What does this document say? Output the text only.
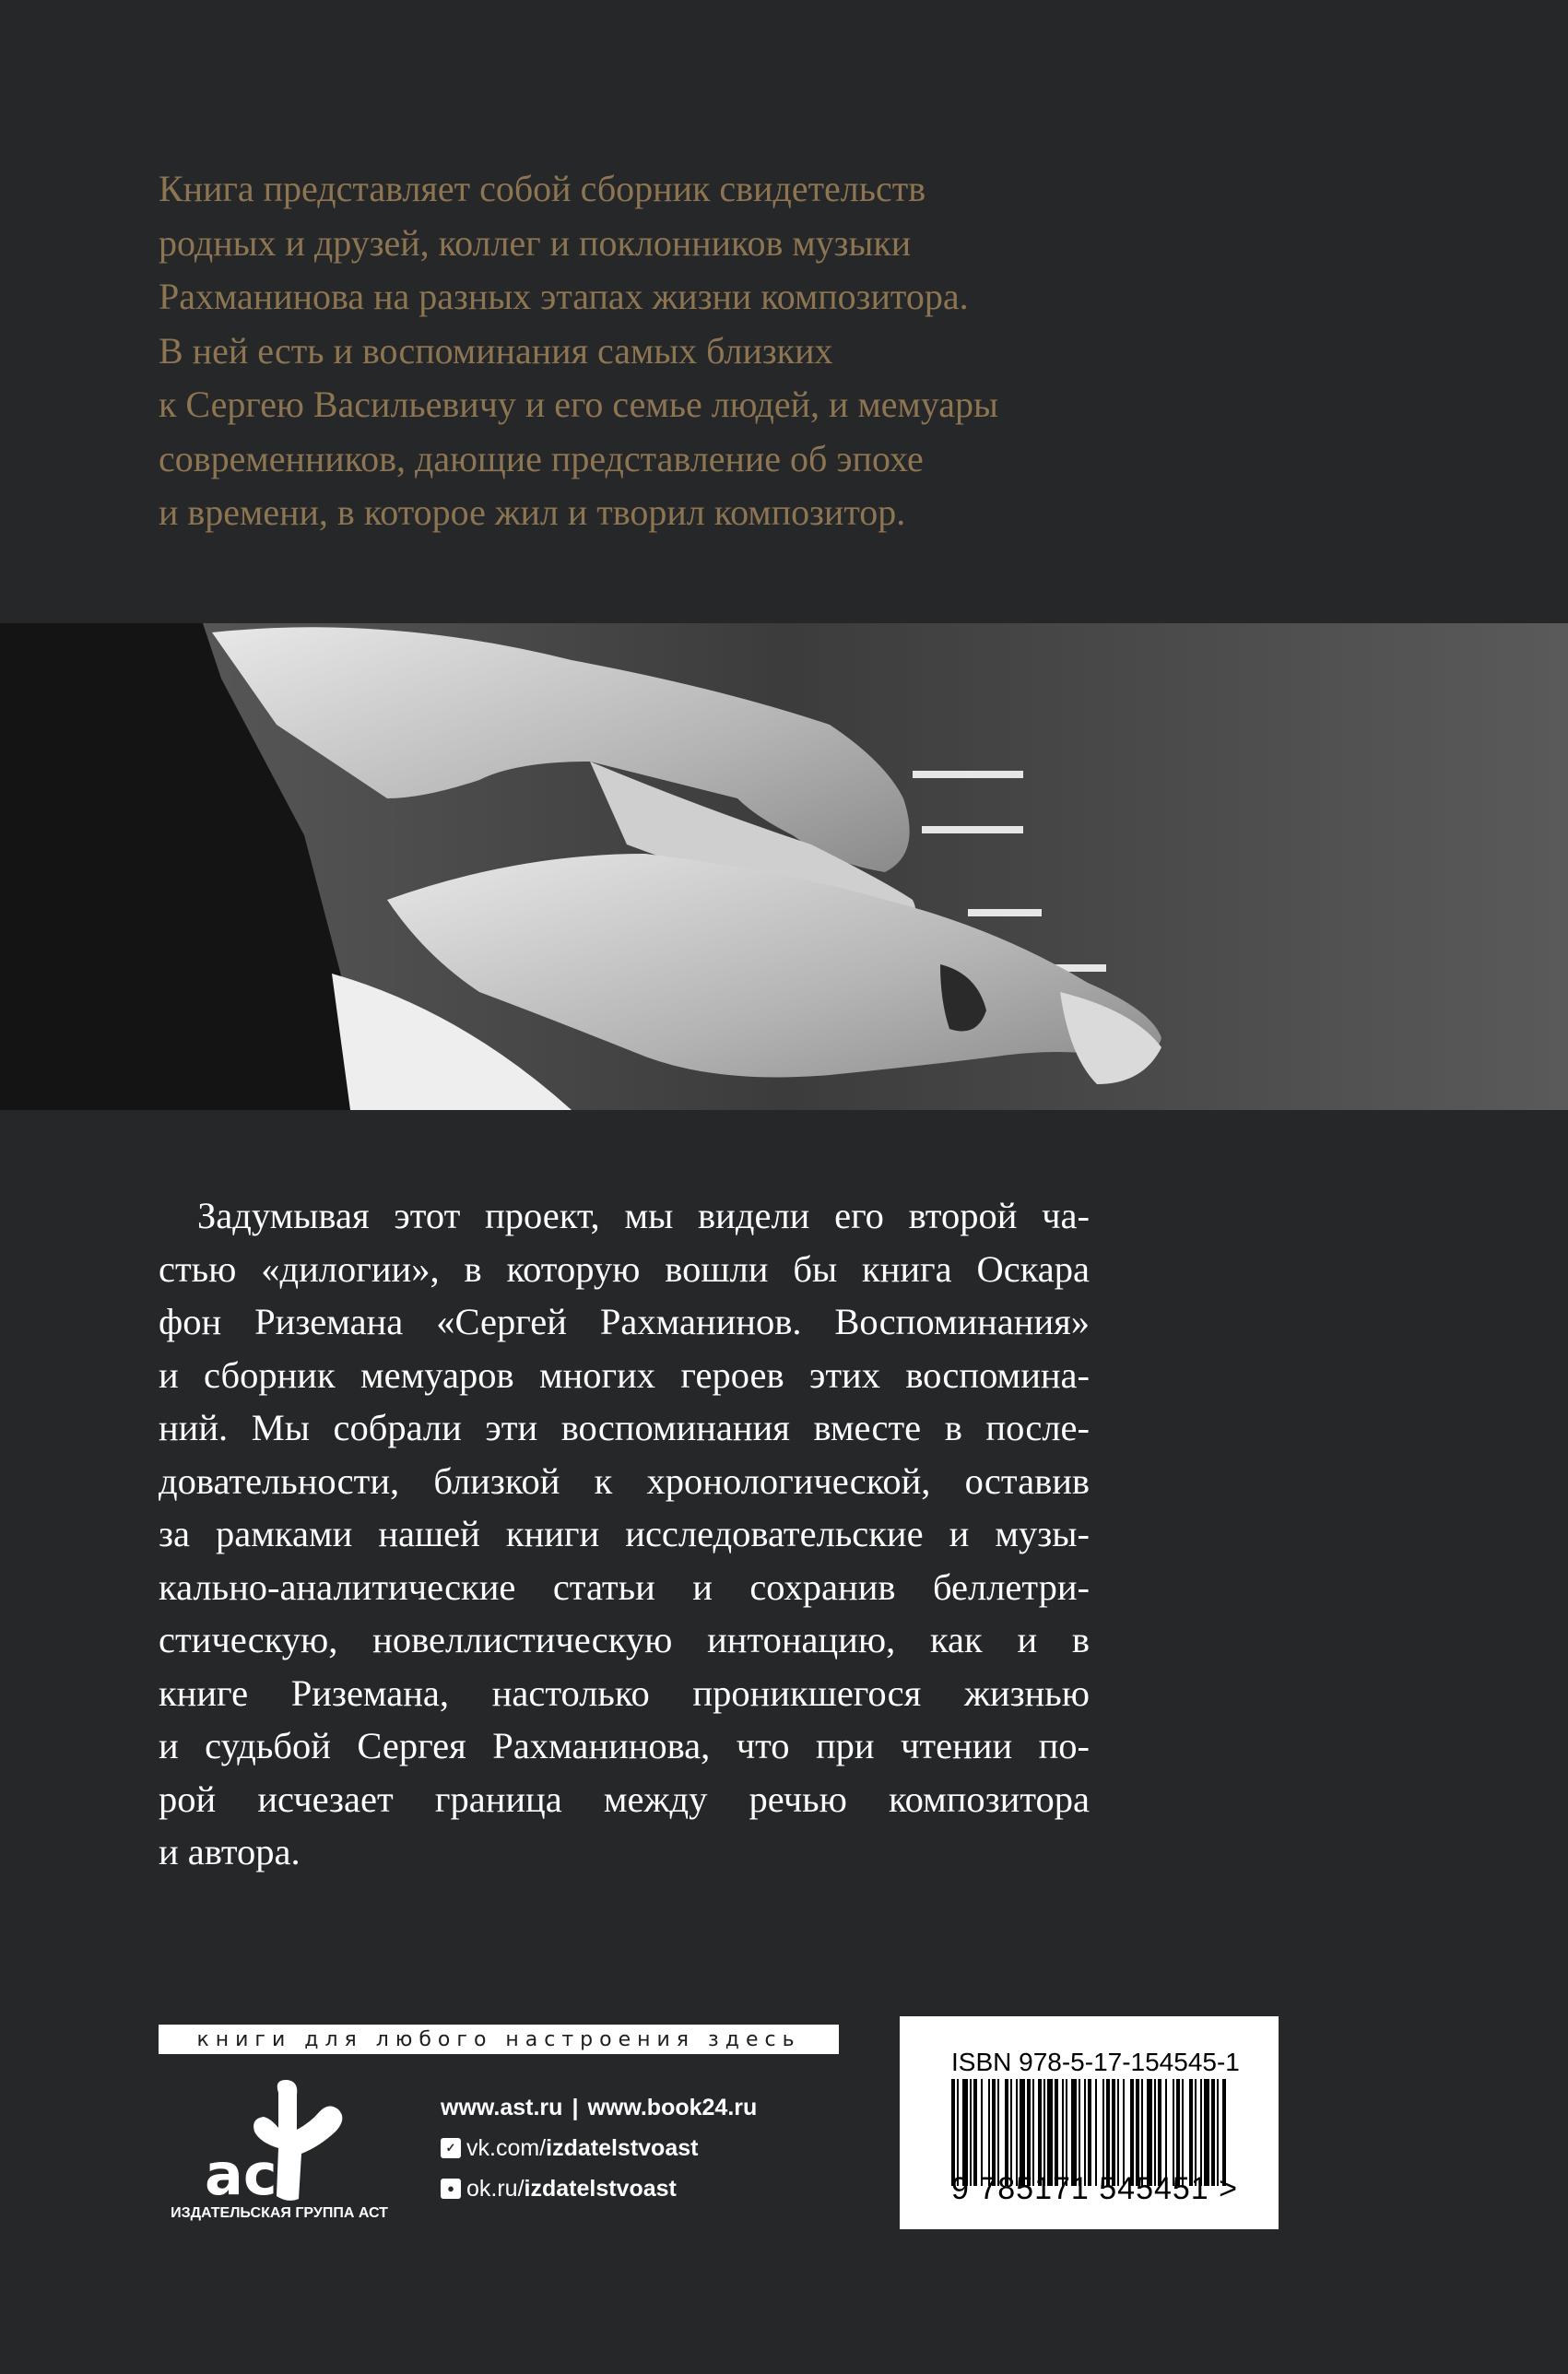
Книга представляет собой сборник свидетельств
родных и друзей, коллег и поклонников музыки
Рахманинова на разных этапах жизни композитора.
В ней есть и воспоминания самых близких
к Сергею Васильевичу и его семье людей, и мемуары
современников, дающие представление об эпохе
и времени, в которое жил и творил композитор.

Задумывая этот проект, мы видели его второй ча-
стью «дилогии», в которую вошли бы книга Оскара
фон Риземана «Сергей Рахманинов. Воспоминания»
и сборник мемуаров многих героев этих воспомина-
ний. Мы собрали эти воспоминания вместе в после-
довательности, близкой к хронологической, оставив
за рамками нашей книги исследовательские и музы-
кально-аналитические статьи и сохранив беллетри-
стическую, новеллистическую интонацию, как и в
книге Риземана, настолько проникшегося жизнью
и судьбой Сергея Рахманинова, что при чтении по-
рой исчезает граница между речью композитора
и автора.

книги для любого настроения здесь
ac
ИЗДАТЕЛЬСКАЯ ГРУППА АСТ
www.ast.ru | www.book24.ru
✓ vk.com/ izdatelstvoast
● ok.ru/ izdatelstvoast
ISBN 978-5-17-154545-1
9 785171 545451 >
